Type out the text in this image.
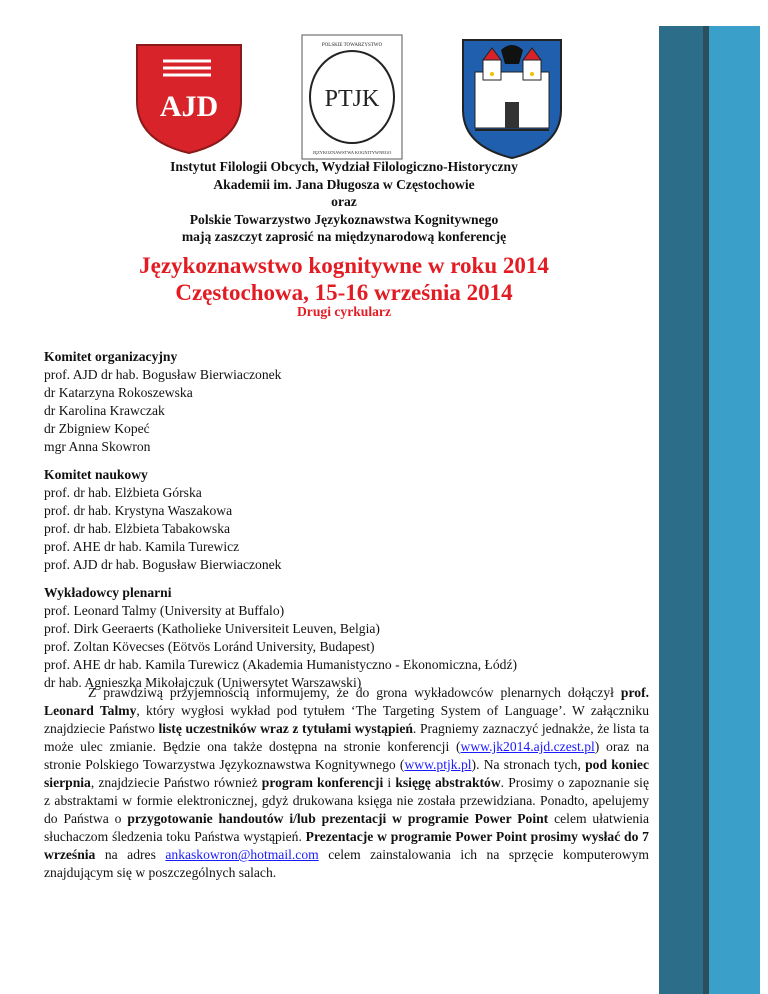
AJD
POLSKIE TOWARZYSTWO
PTJK
JĘZYKOZNAWSTWA KOGNITYWNEGO
Instytut Filologii Obcych, Wydział Filologiczno-Historyczny
Akademii im. Jana Długosza w Częstochowie
oraz
Polskie Towarzystwo Językoznawstwa Kognitywnego
mają zaszczyt zaprosić na międzynarodową konferencję
Językoznawstwo kognitywne w roku 2014
Częstochowa, 15-16 września 2014
Drugi cyrkularz
Komitet organizacyjny
prof. AJD dr hab. Bogusław Bierwiaczonek
dr Katarzyna Rokoszewska
dr Karolina Krawczak
dr Zbigniew Kopeć
mgr Anna Skowron
Komitet naukowy
prof. dr hab. Elżbieta Górska
prof. dr hab. Krystyna Waszakowa
prof. dr hab. Elżbieta Tabakowska
prof. AHE dr hab. Kamila Turewicz
prof. AJD dr hab. Bogusław Bierwiaczonek
Wykładowcy plenarni
prof. Leonard Talmy (University at Buffalo)
prof. Dirk Geeraerts (Katholieke Universiteit Leuven, Belgia)
prof. Zoltan Kövecses (Eötvös Loránd University, Budapest)
prof. AHE dr hab. Kamila Turewicz (Akademia Humanistyczno - Ekonomiczna, Łódź)
dr hab. Agnieszka Mikołajczuk (Uniwersytet Warszawski)
Z prawdziwą przyjemnością informujemy, że do grona wykładowców plenarnych dołączył prof. Leonard Talmy, który wygłosi wykład pod tytułem ‘The Targeting System of Language’. W załączniku znajdziecie Państwo listę uczestników wraz z tytułami wystąpień. Pragniemy zaznaczyć jednakże, że lista ta może ulec zmianie. Będzie ona także dostępna na stronie konferencji (www.jk2014.ajd.czest.pl) oraz na stronie Polskiego Towarzystwa Językoznawstwa Kognitywnego (www.ptjk.pl). Na stronach tych, pod koniec sierpnia, znajdziecie Państwo również program konferencji i księgę abstraktów. Prosimy o zapoznanie się z abstraktami w formie elektronicznej, gdyż drukowana księga nie została przewidziana. Ponadto, apelujemy do Państwa o przygotowanie handoutów i/lub prezentacji w programie Power Point celem ułatwienia słuchaczom śledzenia toku Państwa wystąpień. Prezentacje w programie Power Point prosimy wysłać do 7 września na adres ankaskowron@hotmail.com celem zainstalowania ich na sprzęcie komputerowym znajdującym się w poszczególnych salach.
